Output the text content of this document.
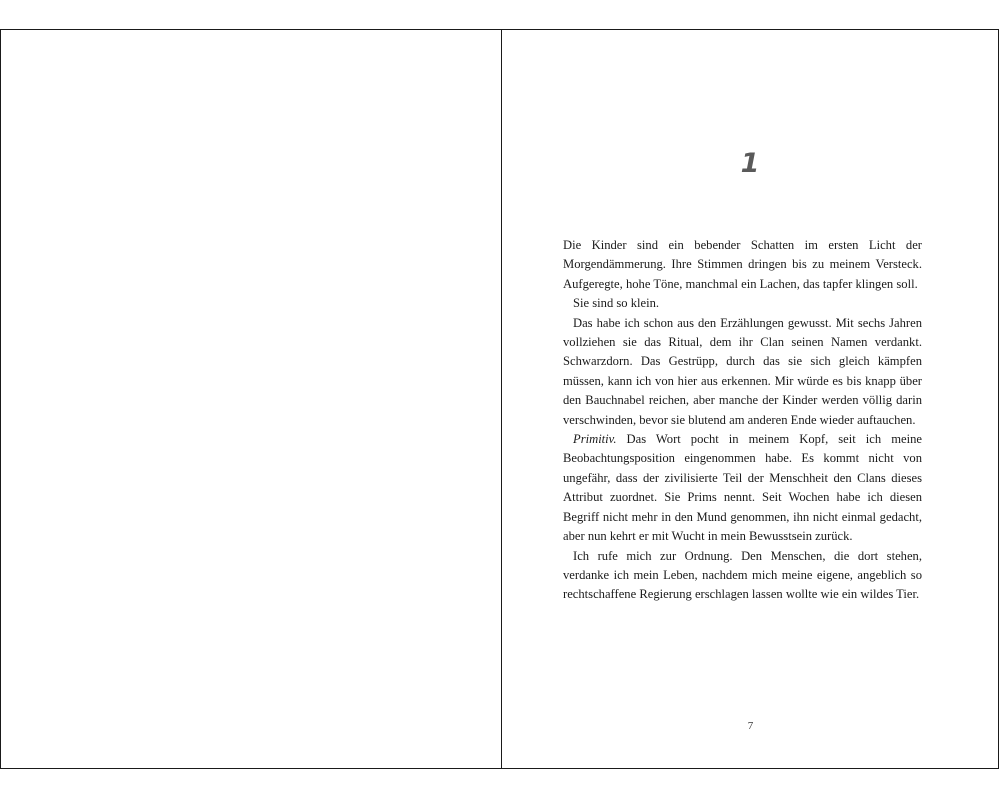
1

Die Kinder sind ein bebender Schatten im ersten Licht der Morgendämmerung. Ihre Stimmen dringen bis zu meinem Versteck. Aufgeregte, hohe Töne, manchmal ein Lachen, das tapfer klingen soll.

Sie sind so klein.

Das habe ich schon aus den Erzählungen gewusst. Mit sechs Jahren vollziehen sie das Ritual, dem ihr Clan seinen Namen verdankt. Schwarzdorn. Das Gestrüpp, durch das sie sich gleich kämpfen müssen, kann ich von hier aus erkennen. Mir würde es bis knapp über den Bauchnabel reichen, aber manche der Kinder werden völlig darin verschwinden, bevor sie blutend am anderen Ende wieder auftauchen.

Primitiv. Das Wort pocht in meinem Kopf, seit ich meine Beobachtungsposition eingenommen habe. Es kommt nicht von ungefähr, dass der zivilisierte Teil der Menschheit den Clans dieses Attribut zuordnet. Sie Prims nennt. Seit Wochen habe ich diesen Begriff nicht mehr in den Mund genommen, ihn nicht einmal gedacht, aber nun kehrt er mit Wucht in mein Bewusstsein zurück.

Ich rufe mich zur Ordnung. Den Menschen, die dort stehen, verdanke ich mein Leben, nachdem mich meine eigene, angeblich so rechtschaffene Regierung erschlagen lassen wollte wie ein wildes Tier.

7
